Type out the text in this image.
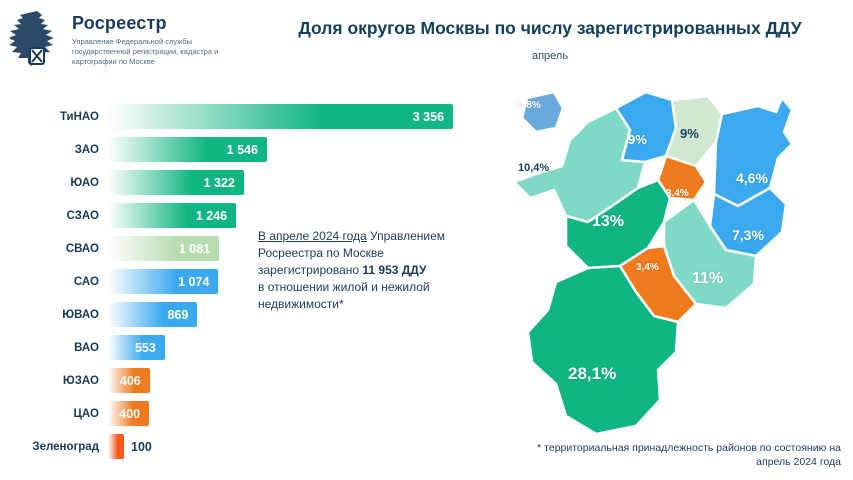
Росреестр
Управление Федеральной службы государственной регистрации, кадастра и картографии по Москве
Доля округов Москвы по числу зарегистрированных ДДУ
апрель
ТиНАО	3 356
ЗАО	1 546
ЮАО	1 322
СЗАО	1 246
СВАО	1 081
САО	1 074
ЮВАО	869
ВАО	553
ЮЗАО	406
ЦАО	400
Зеленоград	100
В апреле 2024 года Управлением
Росреестра по Москве
зарегистрировано 11 953 ДДУ
в отношении жилой и нежилой
недвижимости*
0,8%
10,4%
9%	9%
4,6%
3,4%
13%
7,3%
3,4%
11%
28,1%
* территориальная принадлежность районов по состоянию на апрель 2024 года
